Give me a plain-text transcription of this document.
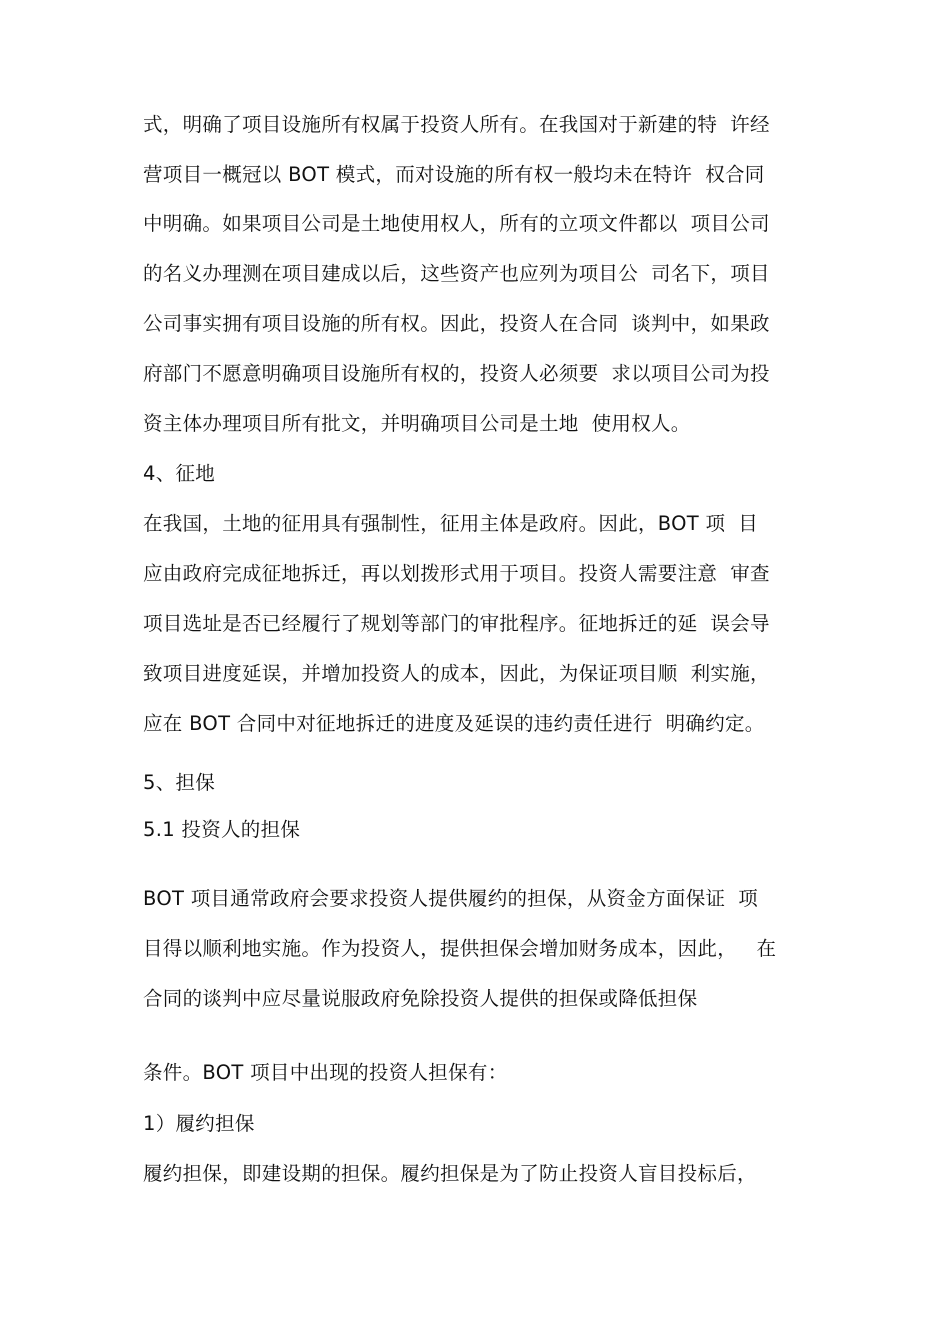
式，明确了项目设施所有权属于投资人所有。在我国对于新建的特  许经
营项目一概冠以 BOT 模式，而对设施的所有权一般均未在特许  权合同
中明确。如果项目公司是土地使用权人，所有的立项文件都以  项目公司
的名义办理测在项目建成以后，这些资产也应列为项目公  司名下，项目
公司事实拥有项目设施的所有权。因此，投资人在合同  谈判中，如果政
府部门不愿意明确项目设施所有权的，投资人必须要  求以项目公司为投
资主体办理项目所有批文，并明确项目公司是土地  使用权人。
4、征地
在我国，土地的征用具有强制性，征用主体是政府。因此，BOT 项  目
应由政府完成征地拆迁，再以划拨形式用于项目。投资人需要注意  审查
项目选址是否已经履行了规划等部门的审批程序。征地拆迁的延  误会导
致项目进度延误，并增加投资人的成本，因此，为保证项目顺  利实施，
应在 BOT 合同中对征地拆迁的进度及延误的违约责任进行  明确约定。
5、担保
5.1 投资人的担保
BOT 项目通常政府会要求投资人提供履约的担保，从资金方面保证  项
目得以顺利地实施。作为投资人，提供担保会增加财务成本，因此，   在
合同的谈判中应尽量说服政府免除投资人提供的担保或降低担保
条件。BOT 项目中出现的投资人担保有：
1）履约担保
履约担保，即建设期的担保。履约担保是为了防止投资人盲目投标后，
